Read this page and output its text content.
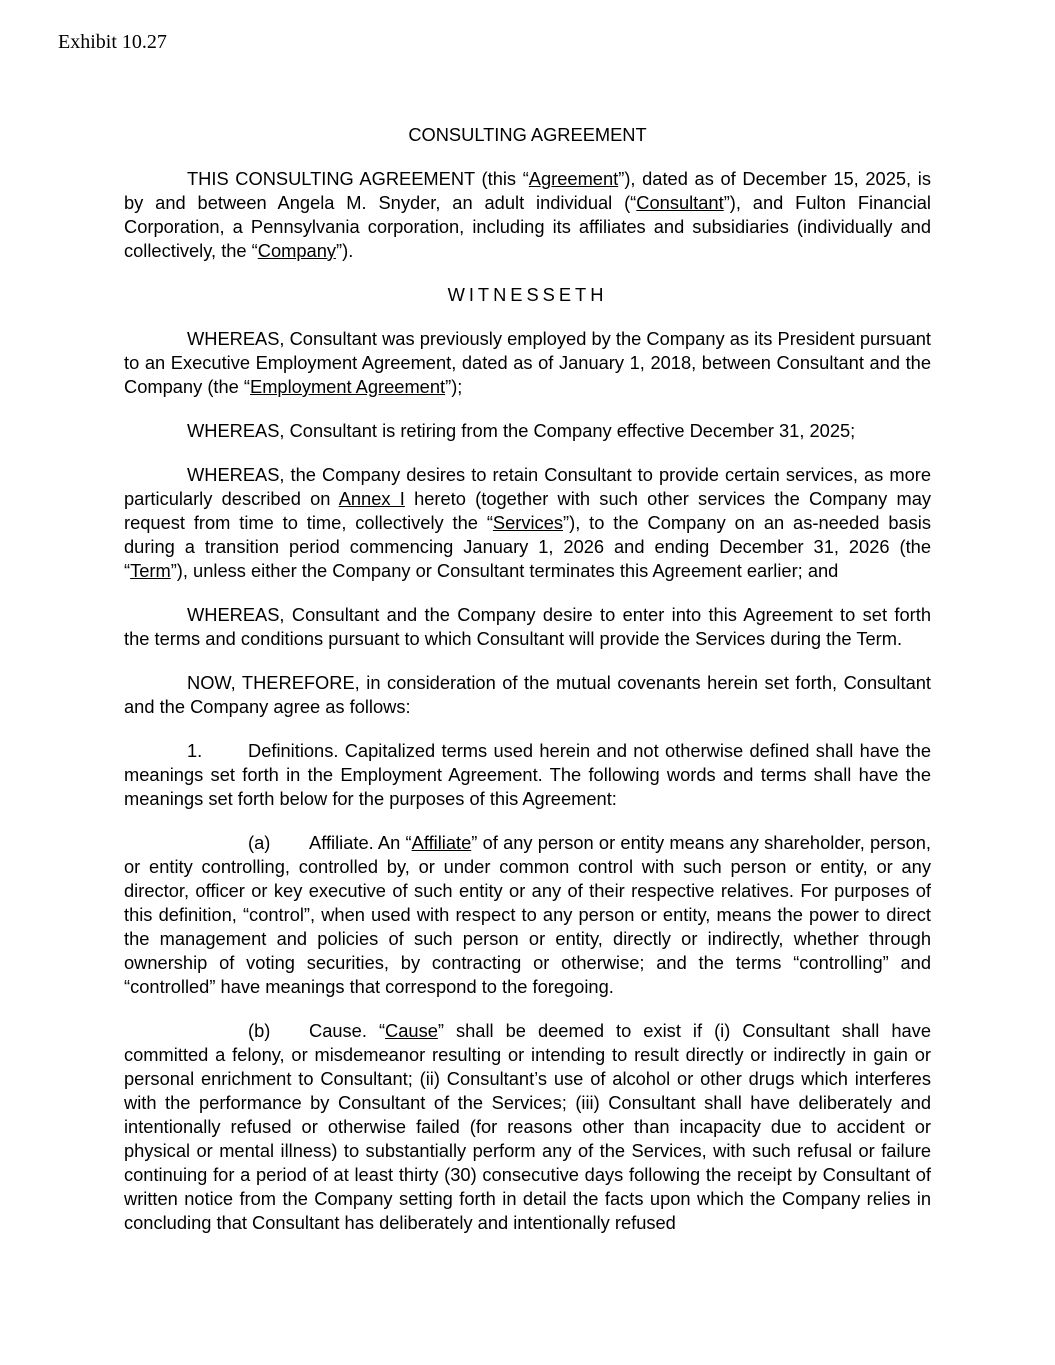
Exhibit 10.27
CONSULTING AGREEMENT

THIS CONSULTING AGREEMENT (this “Agreement”), dated as of December 15, 2025, is by and between Angela M. Snyder, an adult individual (“Consultant”), and Fulton Financial Corporation, a Pennsylvania corporation, including its affiliates and subsidiaries (individually and collectively, the “Company”).

WITNESSETH

WHEREAS, Consultant was previously employed by the Company as its President pursuant to an Executive Employment Agreement, dated as of January 1, 2018, between Consultant and the Company (the “Employment Agreement”);

WHEREAS, Consultant is retiring from the Company effective December 31, 2025;

WHEREAS, the Company desires to retain Consultant to provide certain services, as more particularly described on Annex I hereto (together with such other services the Company may request from time to time, collectively the “Services”), to the Company on an as-needed basis during a transition period commencing January 1, 2026 and ending December 31, 2026 (the “Term”), unless either the Company or Consultant terminates this Agreement earlier; and

WHEREAS, Consultant and the Company desire to enter into this Agreement to set forth the terms and conditions pursuant to which Consultant will provide the Services during the Term.

NOW, THEREFORE, in consideration of the mutual covenants herein set forth, Consultant and the Company agree as follows:

1.	Definitions. Capitalized terms used herein and not otherwise defined shall have the meanings set forth in the Employment Agreement. The following words and terms shall have the meanings set forth below for the purposes of this Agreement:

(a) Affiliate. An “Affiliate” of any person or entity means any shareholder, person, or entity controlling, controlled by, or under common control with such person or entity, or any director, officer or key executive of such entity or any of their respective relatives. For purposes of this definition, “control”, when used with respect to any person or entity, means the power to direct the management and policies of such person or entity, directly or indirectly, whether through ownership of voting securities, by contracting or otherwise; and the terms “controlling” and “controlled” have meanings that correspond to the foregoing.

(b) Cause. “Cause” shall be deemed to exist if (i) Consultant shall have committed a felony, or misdemeanor resulting or intending to result directly or indirectly in gain or personal enrichment to Consultant; (ii) Consultant’s use of alcohol or other drugs which interferes with the performance by Consultant of the Services; (iii) Consultant shall have deliberately and intentionally refused or otherwise failed (for reasons other than incapacity due to accident or physical or mental illness) to substantially perform any of the Services, with such refusal or failure continuing for a period of at least thirty (30) consecutive days following the receipt by Consultant of written notice from the Company setting forth in detail the facts upon which the Company relies in concluding that Consultant has deliberately and intentionally refused
